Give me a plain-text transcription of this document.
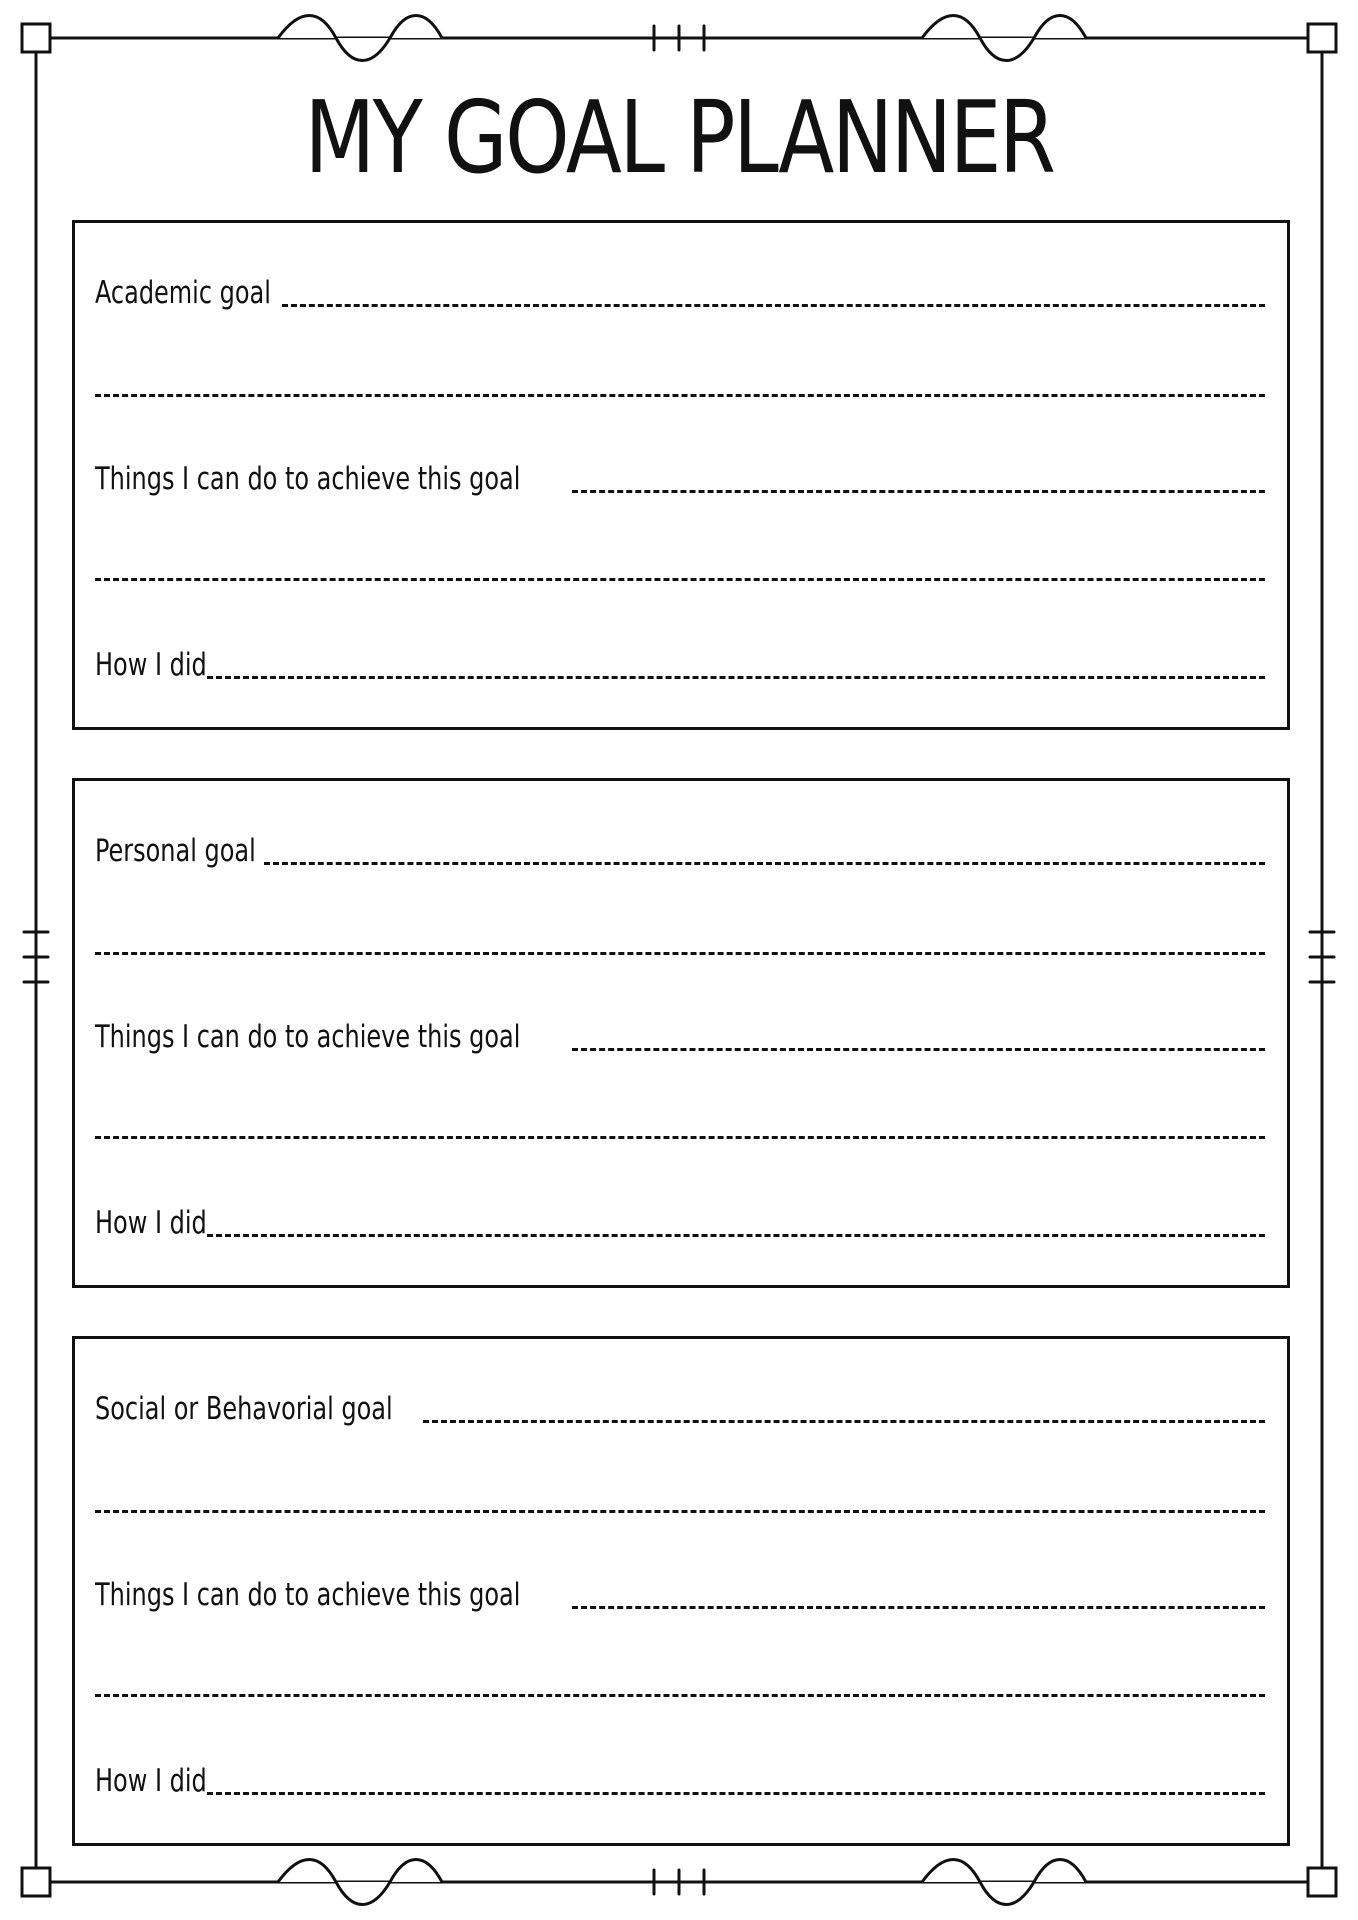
MY GOAL PLANNER
Academic goal
Things I can do to achieve this goal
How I did
Personal goal
Things I can do to achieve this goal
How I did
Social or Behavorial goal
Things I can do to achieve this goal
How I did
